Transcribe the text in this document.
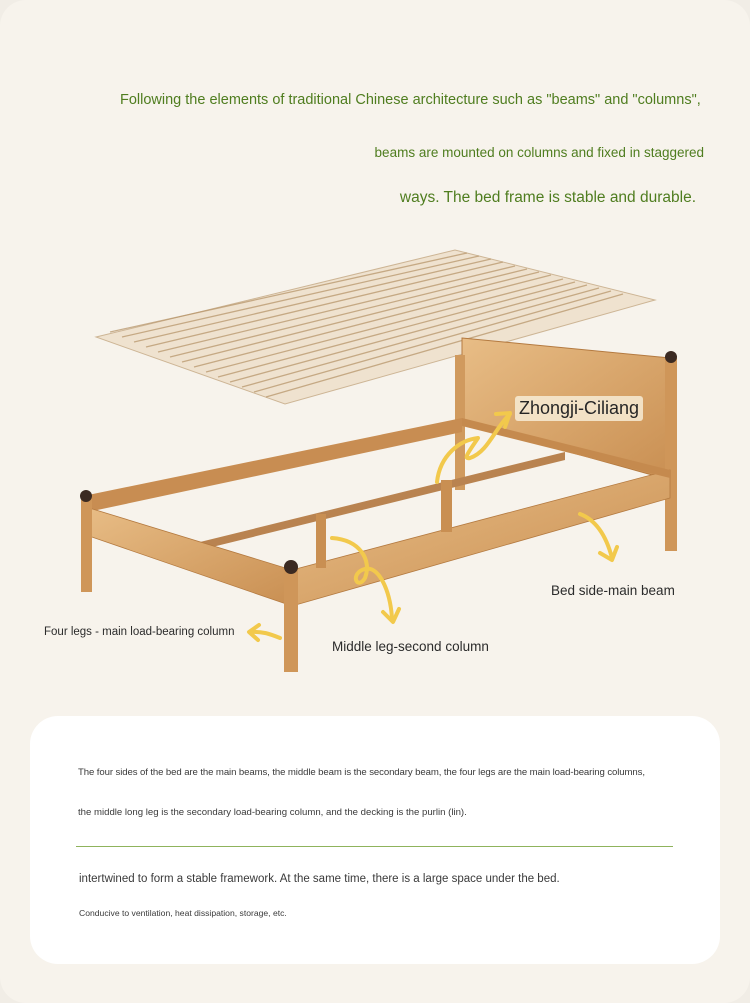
Following the elements of traditional Chinese architecture such as "beams" and "columns",
beams are mounted on columns and fixed in staggered
ways. The bed frame is stable and durable.
Zhongji-Ciliang
Bed side-main beam
Four legs - main load-bearing column
Middle leg-second column
The four sides of the bed are the main beams, the middle beam is the secondary beam, the four legs are the main load-bearing columns,
the middle long leg is the secondary load-bearing column, and the decking is the purlin (lin).
intertwined to form a stable framework. At the same time, there is a large space under the bed.
Conducive to ventilation, heat dissipation, storage, etc.
